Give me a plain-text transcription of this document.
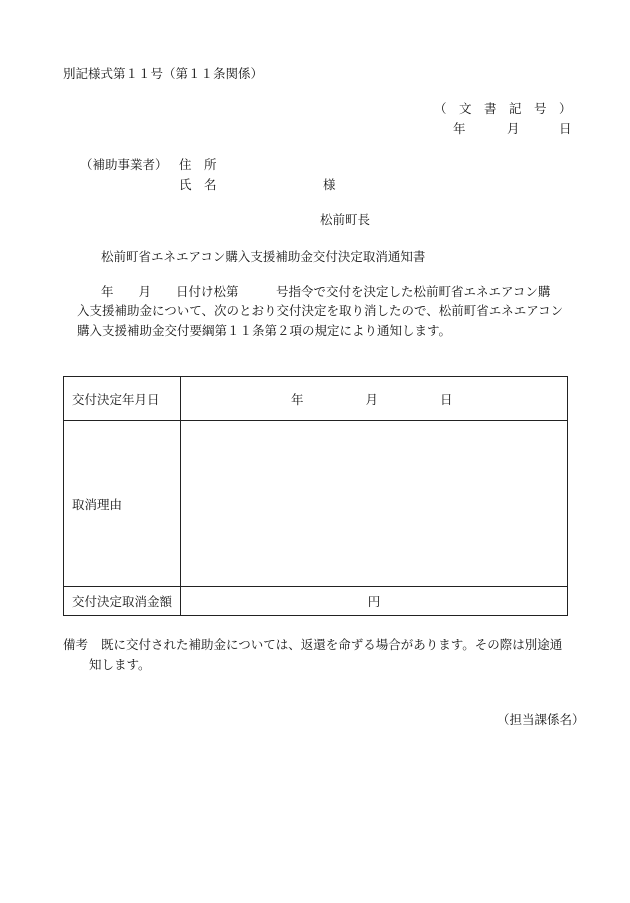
別記様式第１１号（第１１条関係）
（　文　書　記　号　）
年	月	日
（補助事業者） 住　所
氏　名	様
松前町長
松前町省エネエアコン購入支援補助金交付決定取消通知書
年　　月　　日付け松第　　　号指令で交付を決定した松前町省エネエアコン購
入支援補助金について、次のとおり交付決定を取り消したので、松前町省エネエアコン
購入支援補助金交付要綱第１１条第２項の規定により通知します。
交付決定年月日	年 月 日
取消理由	
交付決定取消金額	円
備考 既に交付された補助金については、返還を命ずる場合があります。その際は別途通
知します。
（担当課係名）
